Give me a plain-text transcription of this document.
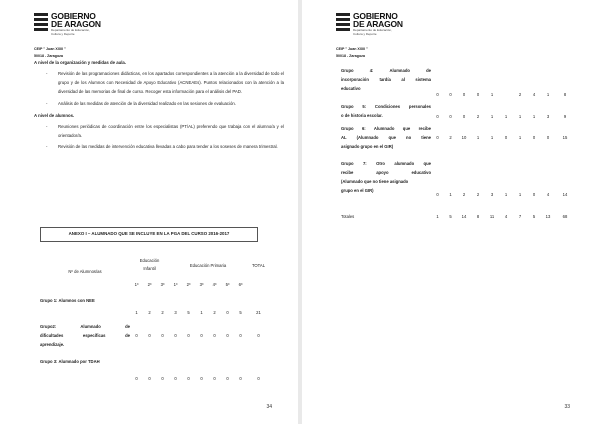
GOBIERNO
DE ARAGON
Departamento de Educación,
Cultura y Deporte
CEIP " Juan XXIII "
50018 - Zaragoza

A nivel de la organización y medidas de aula.

- Revisión de las programaciones didácticas, en los apartados correspondientes a la atención a la diversidad de todo el grupo y de los Alumnos con Necesidad de Apoyo Educativo (ACNEAEs). Puntos relacionados con la atención a la diversidad de las memorias de final de curso. Recoger esta información para el análisis del PAD.

- Análisis de las medidas de atención de la diversidad realizado en las sesiones de evaluación.

A nivel de alumnos.

- Reuniones periódicas de coordinación entre los especialistas (PT/AL) preferendo que trabaja con el alumno/a y el orientador/a.

- Revisión de las medidas de intervención educativa llevadas a cabo para tender a los soseses de manera trimestral.

ANEXO I – ALUMNADO QUE SE INCLUYE EN LA PGA DEL CURSO 2016-2017
Nº de Alumnos/as	Educación
Infantil			Educación Primaria						TOTAL
	1º	2º	3º	1º	2º	3º	4º	5º	6º	
Grupo 1: Alumnos con NEE	1	2	2	3	5	1	2	0	5	21

Grupo2: Alumnado de
dificultades específicas de
aprendizaje.	0	0	0	0	0	0	0	0	0	0
Grupo 3: Alumnado por TDAH	0	0	0	0	0	0	0	0	0	0
34
GOBIERNO
DE ARAGON
Departamento de Educación,
Cultura y Deporte
CEIP " Juan XXIII "
50018 - Zaragoza
Grupo 4: Alumnado de
incorporación tardía al sistema
educativo	0	0	0	0	1		2	4	1	8

Grupo 5: Condiciones personales
o de historia escolar.	0	0	0	2	1	1	1	1	3	9

Grupo 6: Alumnado que recibe
AL (Alumnado que no tiene
asignado grupo en el GIR)	0	2	10	1	1	0	1	0	0	15

Grupo 7: Otro alumnado que
recibe apoyo educativo
(Alumnado que no tiene asignado
grupo en el GIR)	0	1	2	2	3	1	1	0	4	14
Totales	1	5	14	8	11	4	7	5	13	68
33
